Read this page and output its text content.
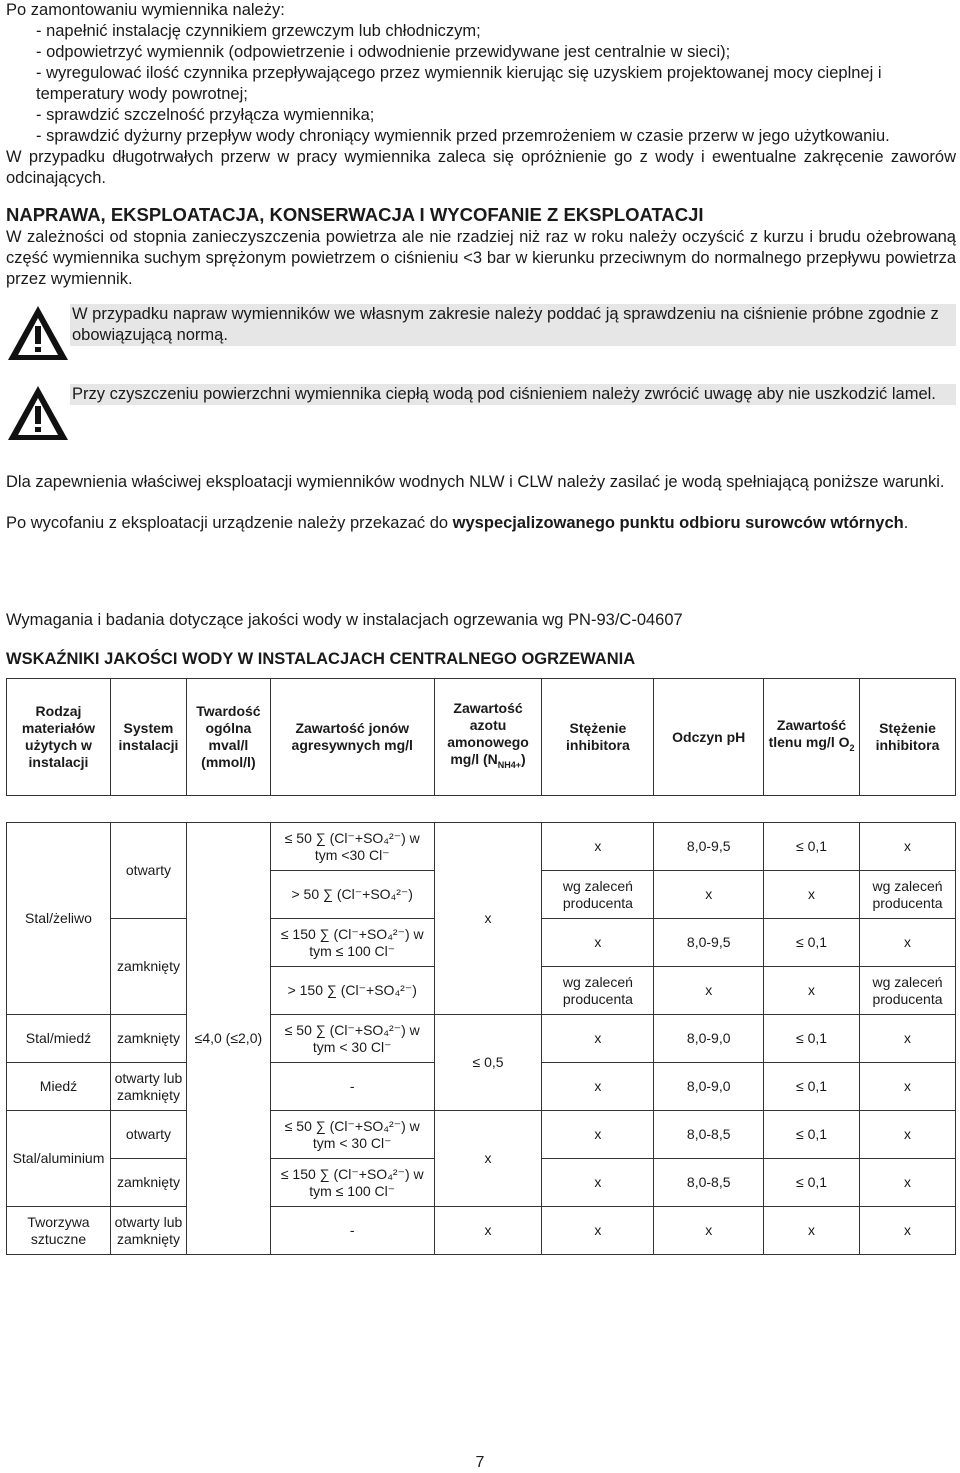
Po zamontowaniu wymiennika należy:

- napełnić instalację czynnikiem grzewczym lub chłodniczym;

- odpowietrzyć wymiennik (odpowietrzenie i odwodnienie przewidywane jest centralnie w sieci);

- wyregulować ilość czynnika przepływającego przez wymiennik kierując się uzyskiem projektowanej mocy cieplnej i temperatury wody powrotnej;

- sprawdzić szczelność przyłącza wymiennika;

- sprawdzić dyżurny przepływ wody chroniący wymiennik przed przemrożeniem w czasie przerw w jego użytkowaniu.

W przypadku długotrwałych przerw w pracy wymiennika zaleca się opróżnienie go z wody i ewentualne zakręcenie zaworów odcinających.

NAPRAWA, EKSPLOATACJA, KONSERWACJA I WYCOFANIE Z EKSPLOATACJI

W zależności od stopnia zanieczyszczenia powietrza ale nie rzadziej niż raz w roku należy oczyścić z kurzu i brudu ożebrowaną część wymiennika suchym sprężonym powietrzem o ciśnieniu <3 bar w kierunku przeciwnym do normalnego przepływu powietrza przez wymiennik.

W przypadku napraw wymienników we własnym zakresie należy poddać ją sprawdzeniu na ciśnienie próbne zgodnie z obowiązującą normą.

Przy czyszczeniu powierzchni wymiennika ciepłą wodą pod ciśnieniem należy zwrócić uwagę aby nie uszkodzić lamel.

Dla zapewnienia właściwej eksploatacji wymienników wodnych NLW i CLW należy zasilać je wodą spełniającą poniższe warunki.

Po wycofaniu z eksploatacji urządzenie należy przekazać do wyspecjalizowanego punktu odbioru surowców wtórnych.

Wymagania i badania dotyczące jakości wody w instalacjach ogrzewania wg PN-93/C-04607

WSKAŹNIKI JAKOŚCI WODY W INSTALACJACH CENTRALNEGO OGRZEWANIA
Rodzaj materiałów użytych w instalacji	System instalacji	Twardość ogólna mval/l (mmol/l)	Zawartość jonów agresywnych mg/l	Zawartość azotu amonowego mg/l $(N_{NH4+})$	Stężenie inhibitora	Odczyn pH	Zawartość tlenu mg/l $O_2$	Stężenie inhibitora

Stal/żeliwo	otwarty	≤4,0 (≤2,0)	≤ 50 ∑ (Cl⁻+SO₄²⁻) w tym <30 Cl⁻	x	x	8,0-9,5	≤ 0,1	x
			> 50 ∑ (Cl⁻+SO₄²⁻)		wg zaleceń producenta	x	x	wg zaleceń producenta
	zamknięty		≤ 150 ∑ (Cl⁻+SO₄²⁻) w tym ≤ 100 Cl⁻		x	8,0-9,5	≤ 0,1	x
			> 150 ∑ (Cl⁻+SO₄²⁻)		wg zaleceń producenta	x	x	wg zaleceń producenta
Stal/miedź	zamknięty		≤ 50 ∑ (Cl⁻+SO₄²⁻) w tym < 30 Cl⁻	≤ 0,5	x	8,0-9,0	≤ 0,1	x
Miedź	otwarty lub zamknięty		-		x	8,0-9,0	≤ 0,1	x
Stal/aluminium	otwarty		≤ 50 ∑ (Cl⁻+SO₄²⁻) w tym < 30 Cl⁻	x	x	8,0-8,5	≤ 0,1	x
	zamknięty		≤ 150 ∑ (Cl⁻+SO₄²⁻) w tym ≤ 100 Cl⁻		x	8,0-8,5	≤ 0,1	x
Tworzywa sztuczne	otwarty lub zamknięty		-	x	x	x	x	x
7
